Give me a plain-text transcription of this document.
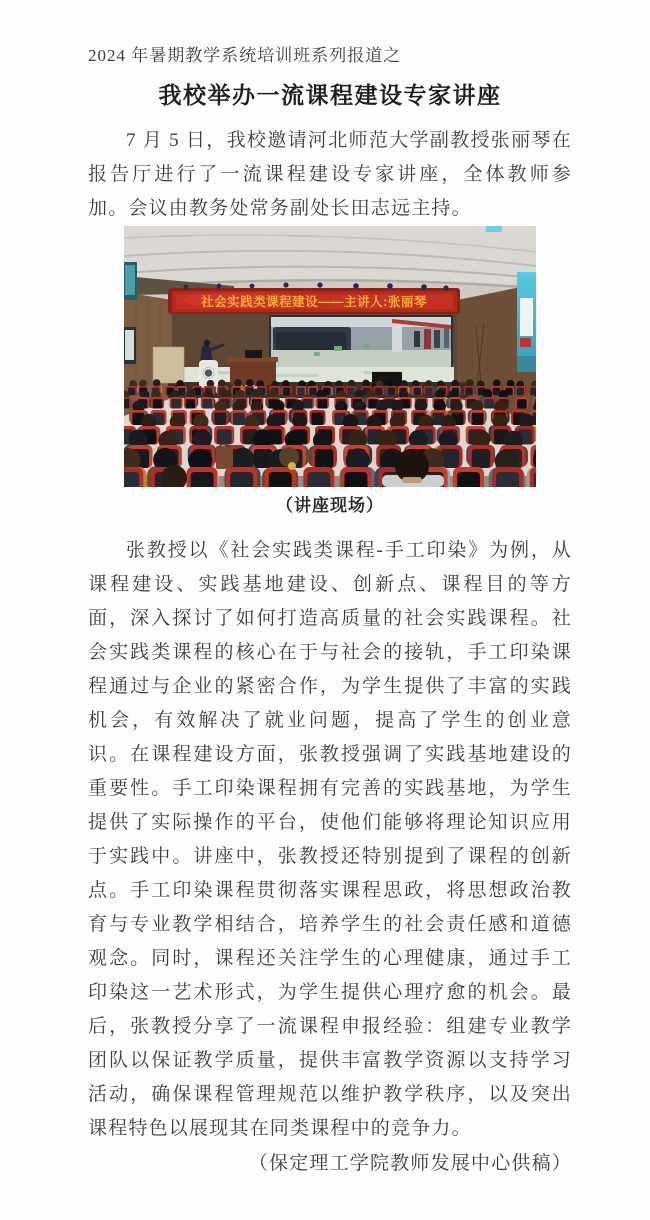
2024 年暑期教学系统培训班系列报道之
我校举办一流课程建设专家讲座

7 月 5 日，我校邀请河北师范大学副教授张丽琴在报告厅进行了一流课程建设专家讲座，全体教师参加。会议由教务处常务副处长田志远主持。

社会实践类课程建设——主讲人:张丽琴
（讲座现场）

张教授以《社会实践类课程-手工印染》为例，从课程建设、实践基地建设、创新点、课程目的等方面，深入探讨了如何打造高质量的社会实践课程。社会实践类课程的核心在于与社会的接轨，手工印染课程通过与企业的紧密合作，为学生提供了丰富的实践机会，有效解决了就业问题，提高了学生的创业意识。在课程建设方面，张教授强调了实践基地建设的重要性。手工印染课程拥有完善的实践基地，为学生提供了实际操作的平台，使他们能够将理论知识应用于实践中。讲座中，张教授还特别提到了课程的创新点。手工印染课程贯彻落实课程思政，将思想政治教育与专业教学相结合，培养学生的社会责任感和道德观念。同时，课程还关注学生的心理健康，通过手工印染这一艺术形式，为学生提供心理疗愈的机会。最后，张教授分享了一流课程申报经验：组建专业教学团队以保证教学质量，提供丰富教学资源以支持学习活动，确保课程管理规范以维护教学秩序，以及突出课程特色以展现其在同类课程中的竞争力。

（保定理工学院教师发展中心供稿）
